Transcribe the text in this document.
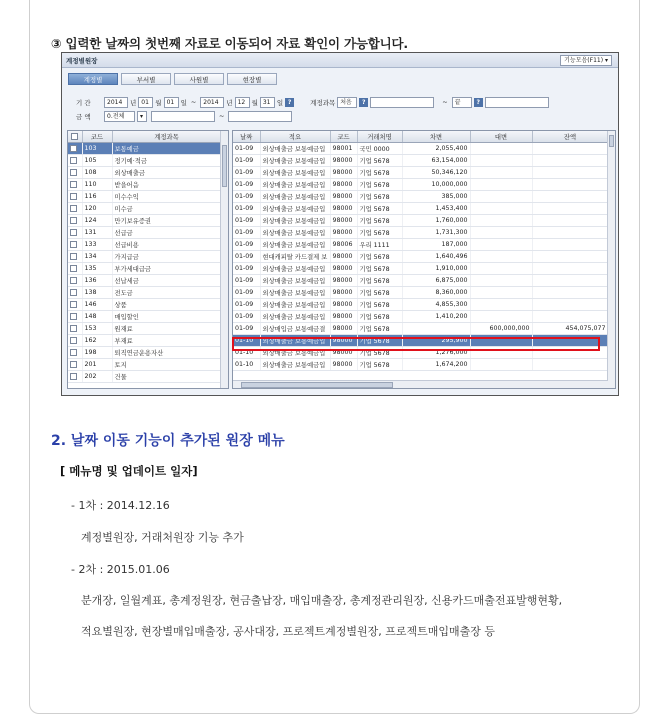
③ 입력한 날짜의 첫번째 자료로 이동되어 자료 확인이 가능합니다.
계정별원장	기능모음(F11) ▾
계정별	부서별	사원별	현장별
기 간	2014	년 01 월 01 일 ~	2014	년 12 월 31 일 ?	계정과목 처음	?	~	끝	?
금 액	0.전체	▾	~
	코드	계정과목
	103	보통예금
	105	정기예·적금
	108	외상매출금
	110	받을어음
	116	미수수익
	120	미수금
	124	만기보유증권
	131	선급금
	133	선급비용
	134	가지급금
	135	부가세대급금
	136	선납세금
	138	전도금
	146	상품
	148	매입할인
	153	원재료
	162	부재료
	198	퇴직연금운용자산
	201	토지
	202	건물
날짜	적요	코드	거래처명	차변	대변	잔액
01-09	외상매출금 보통예금입	98001	국민 0000	2,055,400		
01-09	외상매출금 보통예금입	98000	기업 5678	63,154,000		
01-09	외상매출금 보통예금입	98000	기업 5678	50,346,120		
01-09	외상매출금 보통예금입	98000	기업 5678	10,000,000		
01-09	외상매출금 보통예금입	98000	기업 5678	385,000		
01-09	외상매출금 보통예금입	98000	기업 5678	1,453,400		
01-09	외상매출금 보통예금입	98000	기업 5678	1,760,000		
01-09	외상매출금 보통예금입	98000	기업 5678	1,731,300		
01-09	외상매출금 보통예금입	98006	우리 1111	187,000		
01-09	현대캐피탈 카드결제 보	98000	기업 5678	1,640,496		
01-09	외상매출금 보통예금입	98000	기업 5678	1,910,000		
01-09	외상매출금 보통예금입	98000	기업 5678	6,875,000		
01-09	외상매출금 보통예금입	98000	기업 5678	8,360,000		
01-09	외상매출금 보통예금입	98000	기업 5678	4,855,300		
01-09	외상매출금 보통예금입	98000	기업 5678	1,410,200		
01-09	외상매입금 보통예금결	98000	기업 5678		600,000,000	454,075,077
01-10	외상매출금 보통예금입	98000	기업 5678	295,900		
01-10	외상매출금 보통예금입	98000	기업 5678	1,276,000		
01-10	외상매출금 보통예금입	98000	기업 5678	1,674,200		
2. 날짜 이동 기능이 추가된 원장 메뉴
[ 메뉴명 및 업데이트 일자]
- 1차 : 2014.12.16
계정별원장, 거래처원장 기능 추가
- 2차 : 2015.01.06
분개장, 일월계표, 총계정원장, 현금출납장, 매입매출장, 총계정관리원장, 신용카드매출전표발행현황,
적요별원장, 현장별매입매출장, 공사대장, 프로젝트계정별원장, 프로젝트매입매출장 등
